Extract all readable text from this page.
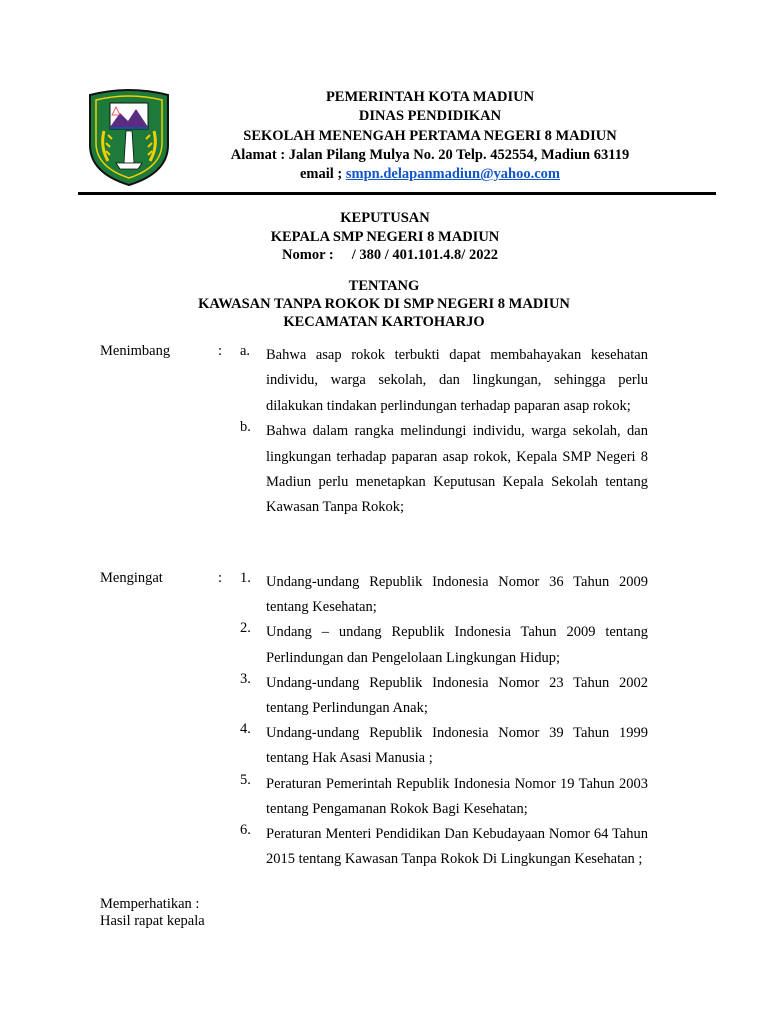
PEMERINTAH KOTA MADIUN
DINAS PENDIDIKAN
SEKOLAH MENENGAH PERTAMA NEGERI 8 MADIUN
Alamat : Jalan Pilang Mulya No. 20 Telp. 452554, Madiun 63119
email ; smpn.delapanmadiun@yahoo.com
KEPUTUSAN
KEPALA SMP NEGERI 8 MADIUN
Nomor : / 380 / 401.101.4.8/ 2022
TENTANG
KAWASAN TANPA ROKOK DI SMP NEGERI 8 MADIUN
KECAMATAN KARTOHARJO
Menimbang	: a. Bahwa asap rokok terbukti dapat membahayakan kesehatan individu, warga sekolah, dan lingkungan, sehingga perlu dilakukan tindakan perlindungan terhadap paparan asap rokok;
b. Bahwa dalam rangka melindungi individu, warga sekolah, dan lingkungan terhadap paparan asap rokok, Kepala SMP Negeri 8 Madiun perlu menetapkan Keputusan Kepala Sekolah tentang Kawasan Tanpa Rokok;
Mengingat	: 1. Undang-undang Republik Indonesia Nomor 36 Tahun 2009 tentang Kesehatan;
2. Undang – undang Republik Indonesia Tahun 2009 tentang Perlindungan dan Pengelolaan Lingkungan Hidup;
3. Undang-undang Republik Indonesia Nomor 23 Tahun 2002 tentang Perlindungan Anak;
4. Undang-undang Republik Indonesia Nomor 39 Tahun 1999 tentang Hak Asasi Manusia ;
5. Peraturan Pemerintah Republik Indonesia Nomor 19 Tahun 2003 tentang Pengamanan Rokok Bagi Kesehatan;
6. Peraturan Menteri Pendidikan Dan Kebudayaan Nomor 64 Tahun 2015 tentang Kawasan Tanpa Rokok Di Lingkungan Kesehatan ;
Memperhatikan :
Hasil rapat kepala
